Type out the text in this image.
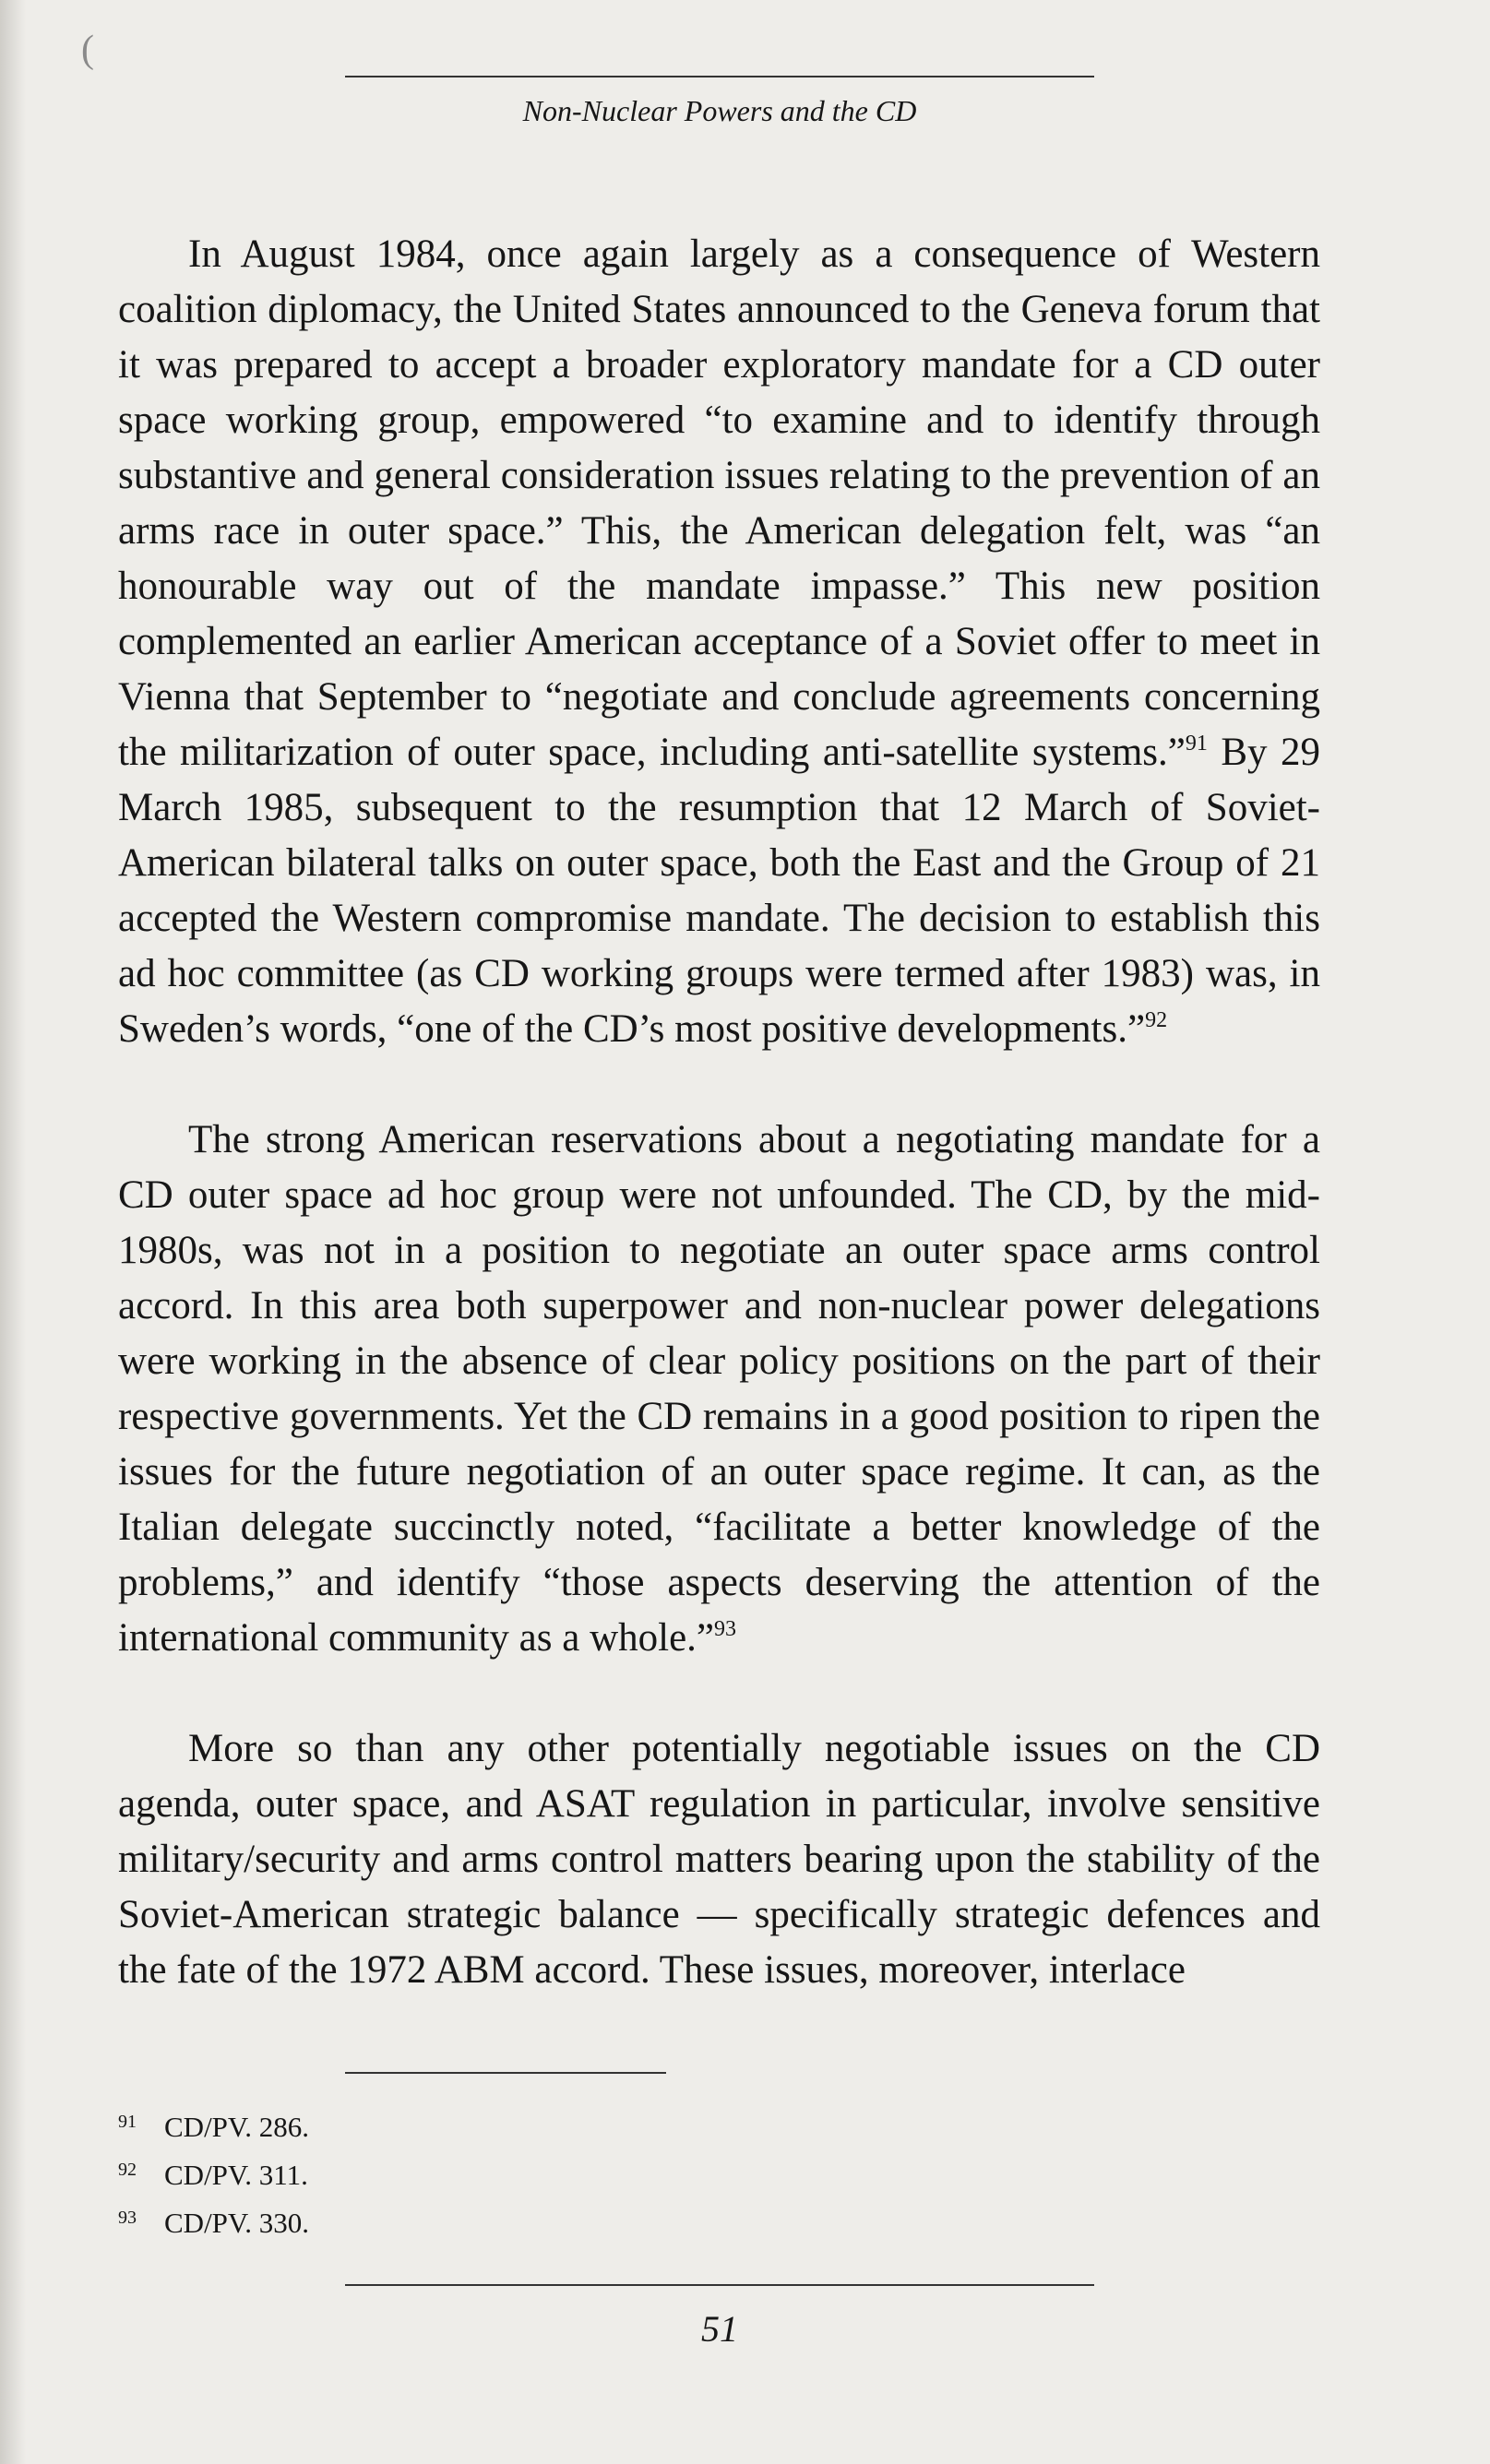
(
Non-Nuclear Powers and the CD

In August 1984, once again largely as a consequence of Western coalition diplomacy, the United States announced to the Geneva forum that it was prepared to accept a broader exploratory mandate for a CD outer space working group, empowered “to examine and to identify through substantive and general consideration issues relating to the prevention of an arms race in outer space.” This, the American delegation felt, was “an honourable way out of the mandate impasse.” This new position complemented an earlier American acceptance of a Soviet offer to meet in Vienna that September to “negotiate and conclude agreements concerning the militarization of outer space, including anti-satellite systems.”$^{91}$ By 29 March 1985, subsequent to the resumption that 12 March of Soviet-American bilateral talks on outer space, both the East and the Group of 21 accepted the Western compromise mandate. The decision to establish this ad hoc committee (as CD working groups were termed after 1983) was, in Sweden’s words, “one of the CD’s most positive developments.”$^{92}$

The strong American reservations about a negotiating mandate for a CD outer space ad hoc group were not unfounded. The CD, by the mid-1980s, was not in a position to negotiate an outer space arms control accord. In this area both superpower and non-nuclear power delegations were working in the absence of clear policy positions on the part of their respective governments. Yet the CD remains in a good position to ripen the issues for the future negotiation of an outer space regime. It can, as the Italian delegate succinctly noted, “facilitate a better knowledge of the problems,” and identify “those aspects deserving the attention of the international community as a whole.”$^{93}$

More so than any other potentially negotiable issues on the CD agenda, outer space, and ASAT regulation in particular, involve sensitive military/security and arms control matters bearing upon the stability of the Soviet-American strategic balance — specifically strategic defences and the fate of the 1972 ABM accord. These issues, moreover, interlace

91 CD/PV. 286.
92 CD/PV. 311.
93 CD/PV. 330.
51
